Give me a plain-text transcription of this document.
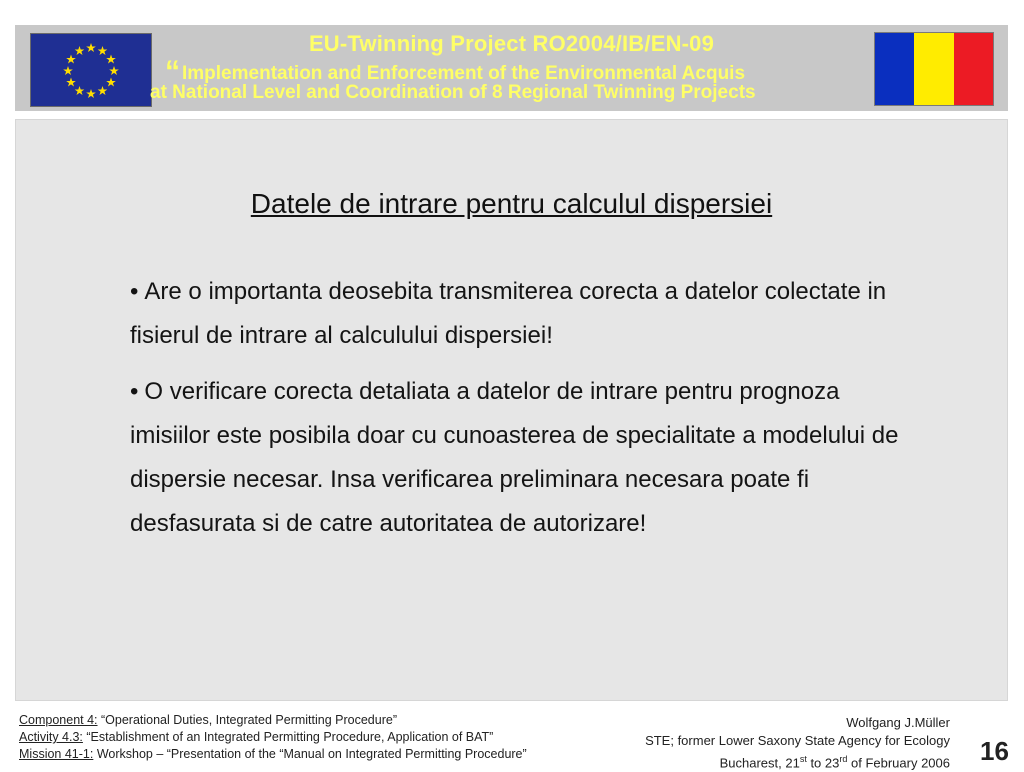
EU-Twinning Project RO2004/IB/EN-09
“ Implementation and Enforcement of the Environmental Acquis
at National Level and Coordination of 8 Regional Twinning Projects
Datele de intrare pentru calculul dispersiei
• Are o importanta deosebita transmiterea corecta a datelor colectate in fisierul de intrare al calculului dispersiei!
• O verificare corecta detaliata a datelor de intrare pentru prognoza imisiilor este posibila doar cu cunoasterea de specialitate a modelului de dispersie necesar. Insa verificarea preliminara necesara poate fi desfasurata si de catre autoritatea de autorizare!
Component 4: “Operational Duties, Integrated Permitting Procedure”
Activity 4.3: “Establishment of an Integrated Permitting Procedure, Application of BAT”
Mission 41-1: Workshop – “Presentation of the “Manual on Integrated Permitting Procedure”
Wolfgang J.Müller
STE; former Lower Saxony State Agency for Ecology
Bucharest, 21st to 23rd of February 2006 16
